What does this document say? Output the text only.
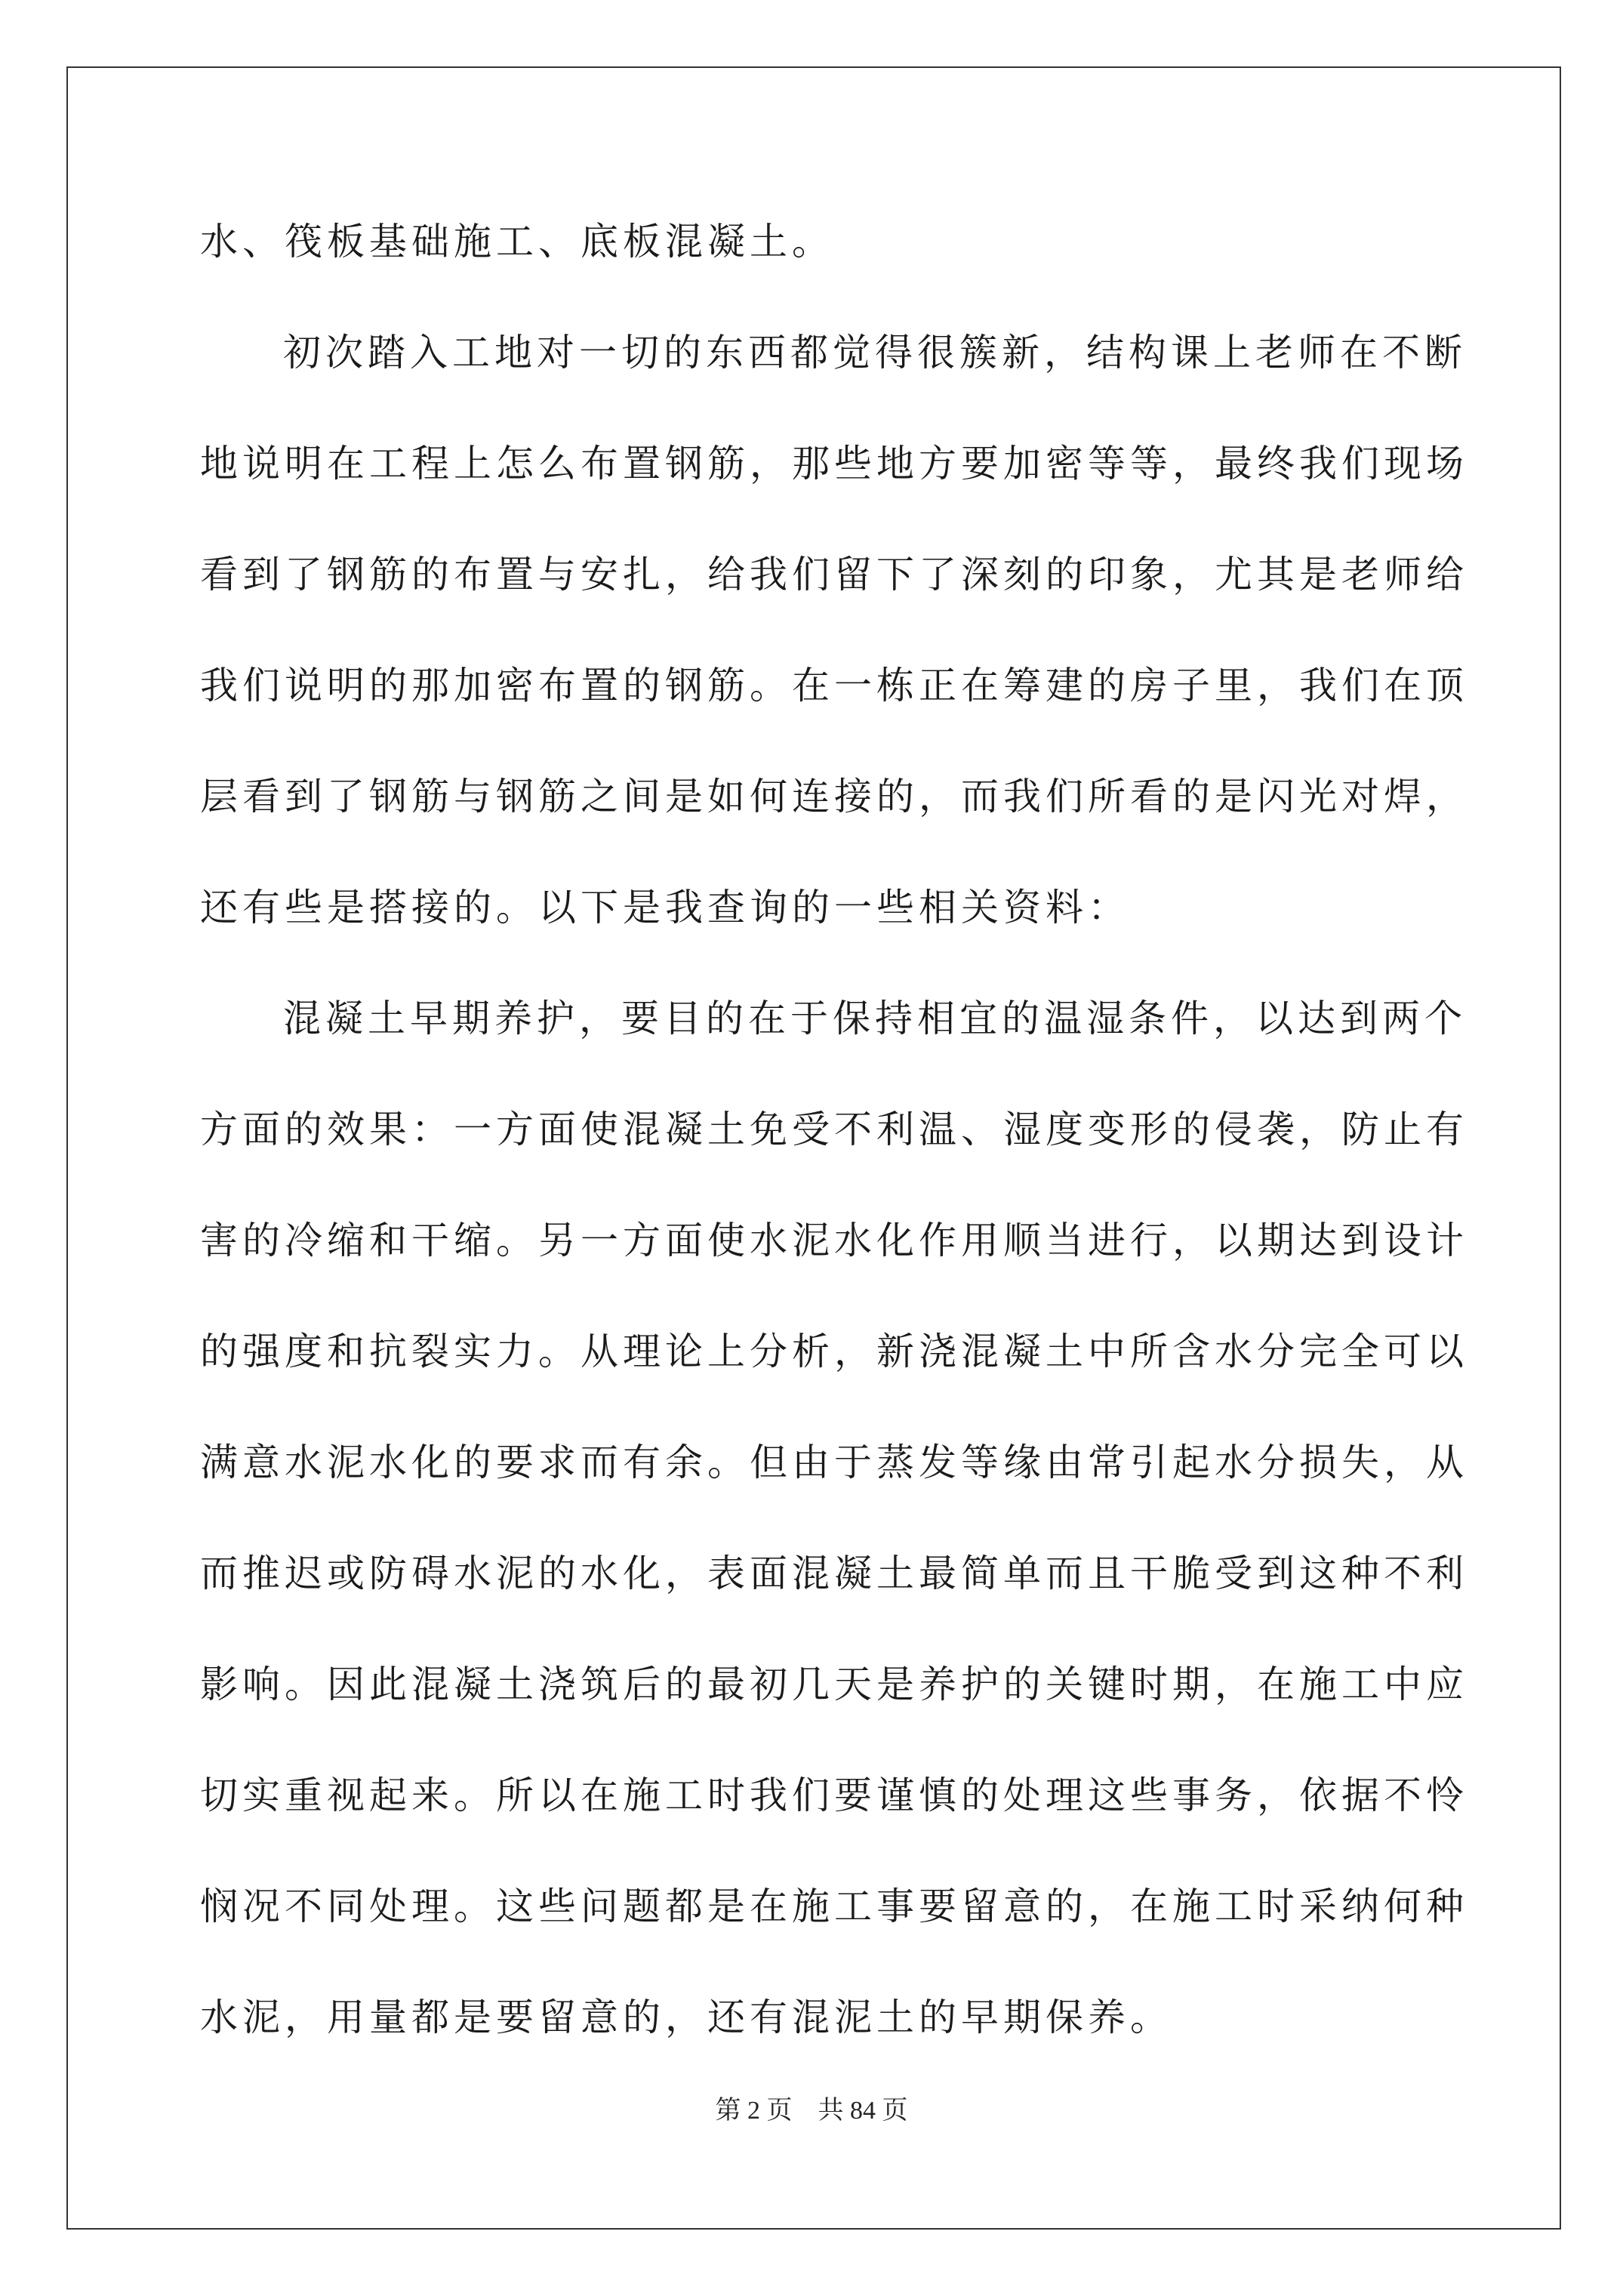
水、筏板基础施工、底板混凝土。
初次踏入工地对一切的东西都觉得很簇新，结构课上老师在不断
地说明在工程上怎么布置钢筋，那些地方要加密等等，最终我们现场
看到了钢筋的布置与安扎，给我们留下了深刻的印象，尤其是老师给
我们说明的那加密布置的钢筋。在一栋正在筹建的房子里，我们在顶
层看到了钢筋与钢筋之间是如何连接的，而我们所看的是闪光对焊，
还有些是搭接的。以下是我查询的一些相关资料：
混凝土早期养护，要目的在于保持相宜的温湿条件，以达到两个
方面的效果：一方面使混凝土免受不利温、湿度变形的侵袭，防止有
害的冷缩和干缩。另一方面使水泥水化作用顺当进行，以期达到设计
的强度和抗裂实力。从理论上分析，新浇混凝土中所含水分完全可以
满意水泥水化的要求而有余。但由于蒸发等缘由常引起水分损失，从
而推迟或防碍水泥的水化，表面混凝土最简单而且干脆受到这种不利
影响。因此混凝土浇筑后的最初几天是养护的关键时期，在施工中应
切实重视起来。所以在施工时我们要谨慎的处理这些事务，依据不怜
悯况不同处理。这些问题都是在施工事要留意的，在施工时采纳何种
水泥，用量都是要留意的，还有混泥土的早期保养。
第 2 页　共 84 页
